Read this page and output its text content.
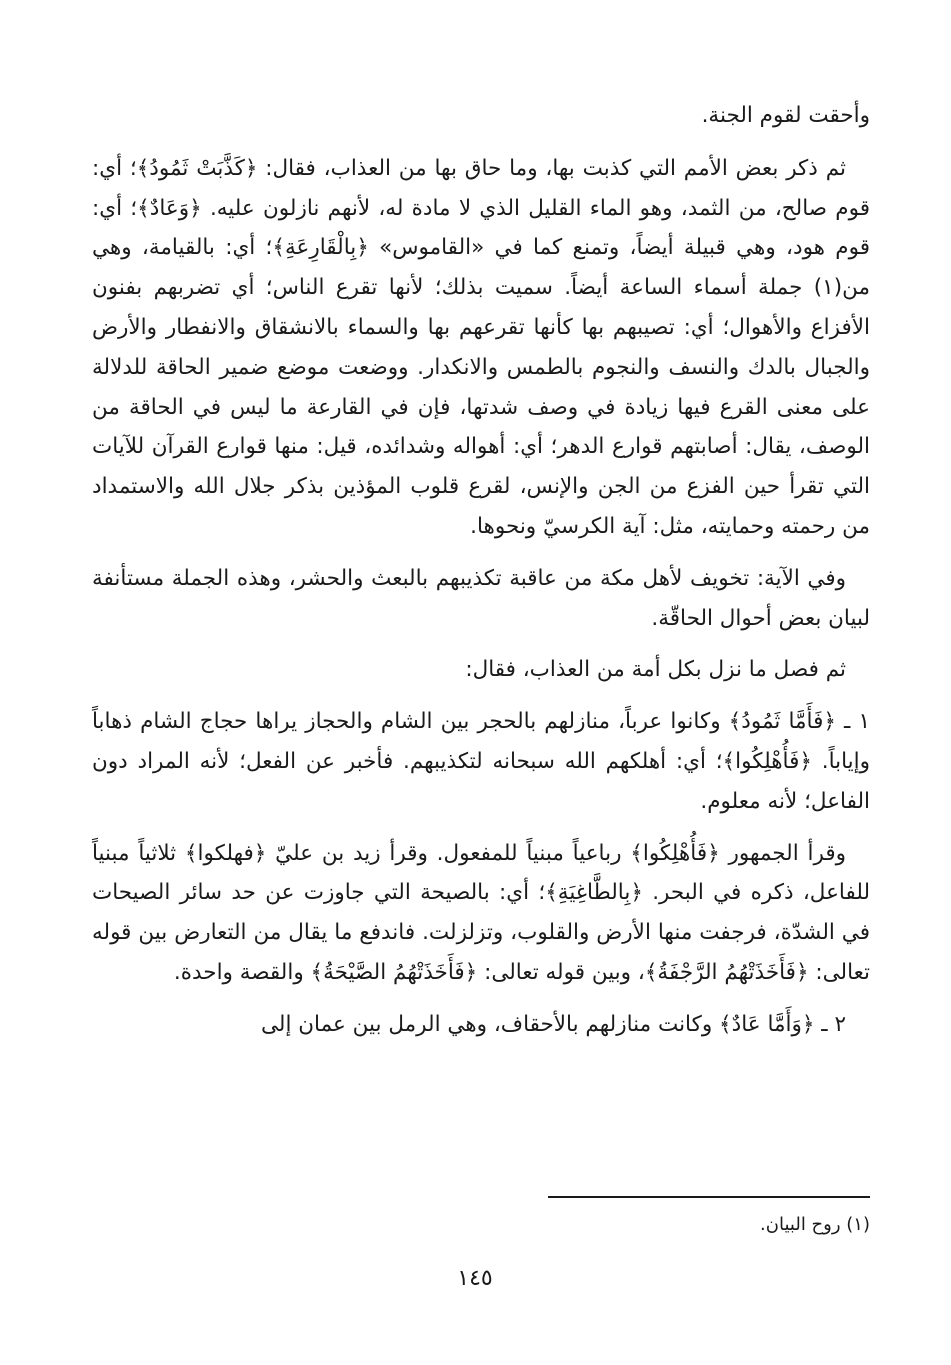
وأحقت لقوم الجنة.

ثم ذكر بعض الأمم التي كذبت بها، وما حاق بها من العذاب، فقال: ﴿كَذَّبَتْ ثَمُودُ﴾؛ أي: قوم صالح، من الثمد، وهو الماء القليل الذي لا مادة له، لأنهم نازلون عليه. ﴿وَعَادٌ﴾؛ أي: قوم هود، وهي قبيلة أيضاً، وتمنع كما في «القاموس» ﴿بِالْقَارِعَةِ﴾؛ أي: بالقيامة، وهي من(١) جملة أسماء الساعة أيضاً. سميت بذلك؛ لأنها تقرع الناس؛ أي تضربهم بفنون الأفزاع والأهوال؛ أي: تصيبهم بها كأنها تقرعهم بها والسماء بالانشقاق والانفطار والأرض والجبال بالدك والنسف والنجوم بالطمس والانكدار. ووضعت موضع ضمير الحاقة للدلالة على معنى القرع فيها زيادة في وصف شدتها، فإن في القارعة ما ليس في الحاقة من الوصف، يقال: أصابتهم قوارع الدهر؛ أي: أهواله وشدائده، قيل: منها قوارع القرآن للآيات التي تقرأ حين الفزع من الجن والإنس، لقرع قلوب المؤذين بذكر جلال الله والاستمداد من رحمته وحمايته، مثل: آية الكرسيّ ونحوها.

وفي الآية: تخويف لأهل مكة من عاقبة تكذيبهم بالبعث والحشر، وهذه الجملة مستأنفة لبيان بعض أحوال الحاقّة.

ثم فصل ما نزل بكل أمة من العذاب، فقال:

١ ـ ﴿فَأَمَّا ثَمُودُ﴾ وكانوا عرباً، منازلهم بالحجر بين الشام والحجاز يراها حجاج الشام ذهاباً وإياباً. ﴿فَأُهْلِكُوا﴾؛ أي: أهلكهم الله سبحانه لتكذيبهم. فأخبر عن الفعل؛ لأنه المراد دون الفاعل؛ لأنه معلوم.

وقرأ الجمهور ﴿فَأُهْلِكُوا﴾ رباعياً مبنياً للمفعول. وقرأ زيد بن عليّ ﴿فهلكوا﴾ ثلاثياً مبنياً للفاعل، ذكره في البحر. ﴿بِالطَّاغِيَةِ﴾؛ أي: بالصيحة التي جاوزت عن حد سائر الصيحات في الشدّة، فرجفت منها الأرض والقلوب، وتزلزلت. فاندفع ما يقال من التعارض بين قوله تعالى: ﴿فَأَخَذَتْهُمُ الرَّجْفَةُ﴾، وبين قوله تعالى: ﴿فَأَخَذَتْهُمُ الصَّيْحَةُ﴾ والقصة واحدة.

٢ ـ ﴿وَأَمَّا عَادٌ﴾ وكانت منازلهم بالأحقاف، وهي الرمل بين عمان إلى

(١) روح البيان.
١٤٥
